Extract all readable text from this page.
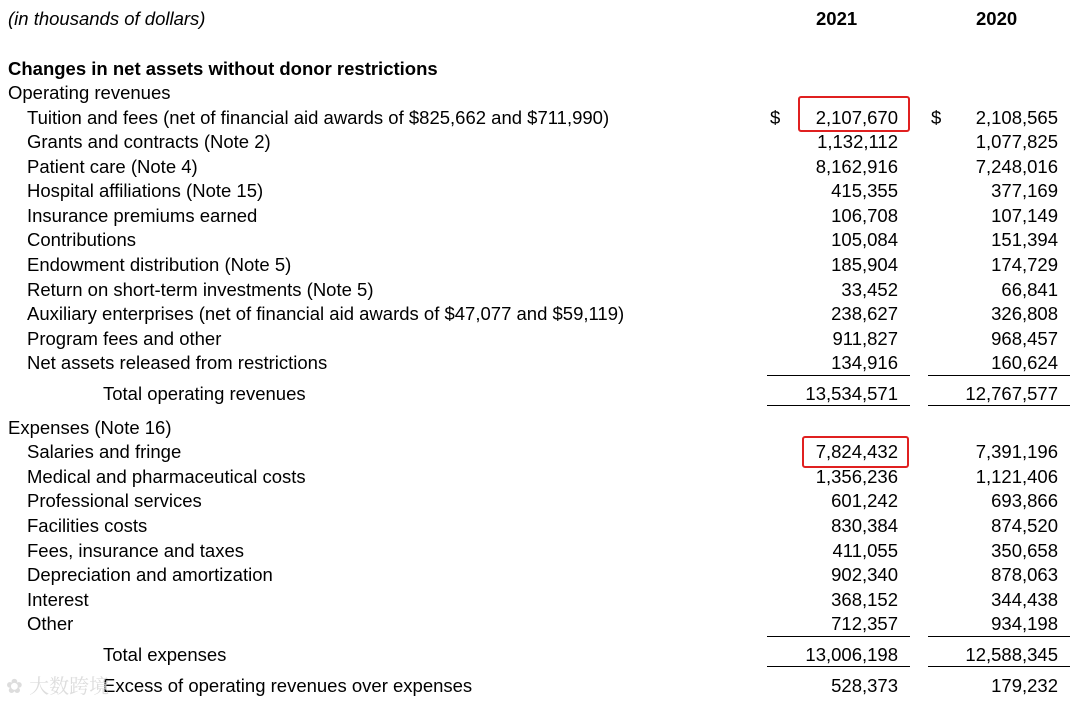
(in thousands of dollars)	2021	2020
Changes in net assets without donor restrictions
Operating revenues
Tuition and fees (net of financial aid awards of $825,662 and $711,990)	$ 2,107,670 $ 2,108,565
Grants and contracts (Note 2)	1,132,112	1,077,825
Patient care (Note 4)	8,162,916	7,248,016
Hospital affiliations (Note 15)	415,355	377,169
Insurance premiums earned	106,708	107,149
Contributions	105,084	151,394
Endowment distribution (Note 5)	185,904	174,729
Return on short-term investments (Note 5)	33,452	66,841
Auxiliary enterprises (net of financial aid awards of $47,077 and $59,119)	238,627	326,808
Program fees and other	911,827	968,457
Net assets released from restrictions	134,916	160,624
Total operating revenues	13,534,571	12,767,577
Expenses (Note 16)
Salaries and fringe	7,824,432	7,391,196
Medical and pharmaceutical costs	1,356,236	1,121,406
Professional services	601,242	693,866
Facilities costs	830,384	874,520
Fees, insurance and taxes	411,055	350,658
Depreciation and amortization	902,340	878,063
Interest	368,152	344,438
Other	712,357	934,198
Total expenses	13,006,198	12,588,345
Excess of operating revenues over expenses	528,373	179,232
✿ 大数跨境
